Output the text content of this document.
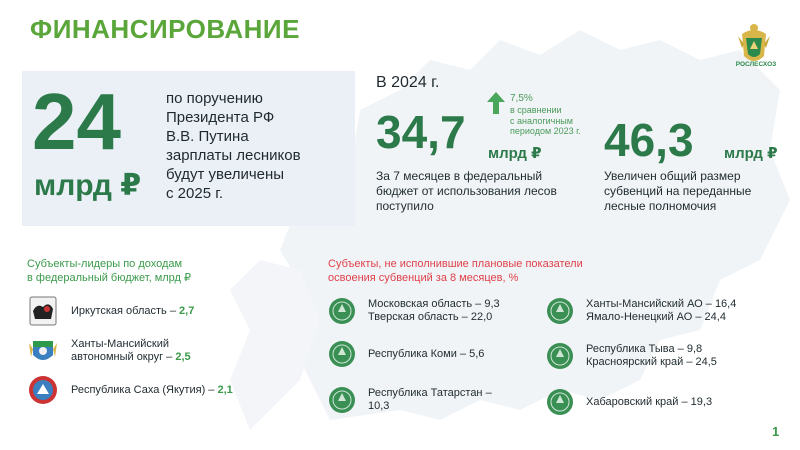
ФИНАНСИРОВАНИЕ
РОСЛЕСХОЗ
24
млрд ₽
по поручению
Президента РФ
В.В. Путина
зарплаты лесников
будут увеличены
с 2025 г.
В 2024 г.
34,7 млрд ₽
7,5%
в сравнении
с аналогичным
периодом 2023 г.
За 7 месяцев в федеральный
бюджет от использования лесов
поступило
46,3 млрд ₽
Увеличен общий размер
субвенций на переданные
лесные полномочия
Субъекты-лидеры по доходам
в федеральный бюджет, млрд ₽
Иркутская область – 2,7
Ханты-Мансийский
автономный округ – 2,5
Республика Саха (Якутия) – 2,1
Субъекты, не исполнившие плановые показатели
освоения субвенций за 8 месяцев, %
Московская область – 9,3
Тверская область – 22,0
Республика Коми – 5,6
Республика Татарстан –
10,3
Ханты-Мансийский АО – 16,4
Ямало-Ненецкий АО – 24,4
Республика Тыва – 9,8
Красноярский край – 24,5
Хабаровский край – 19,3
1
